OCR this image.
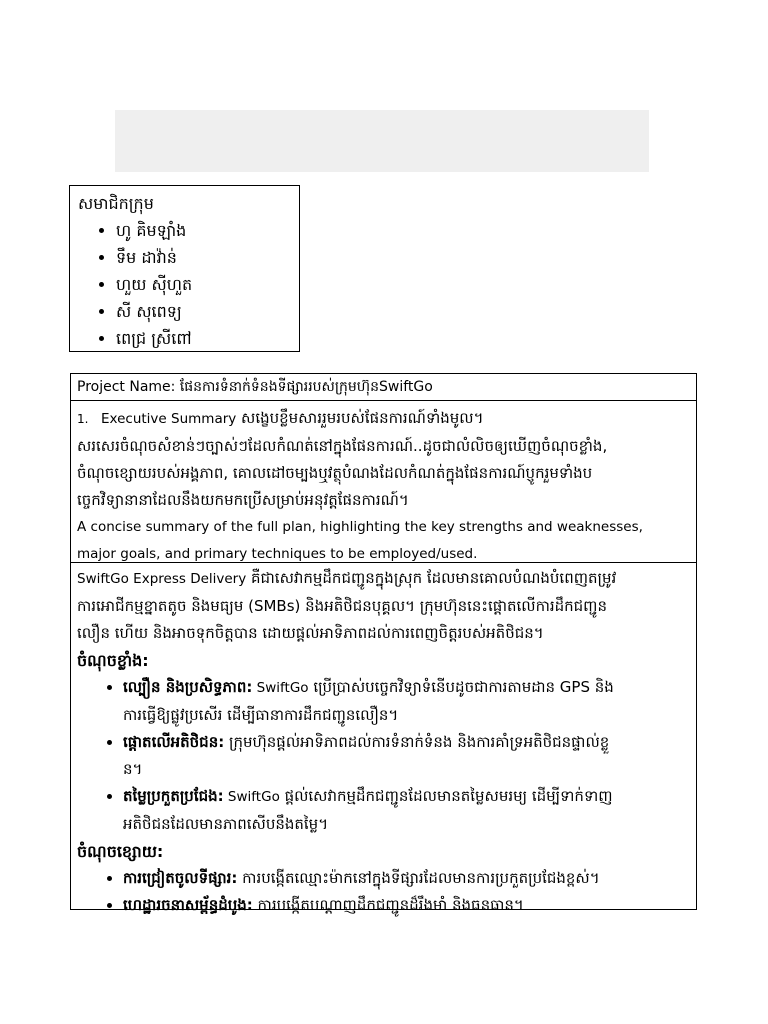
សមាជិកក្រុម
• ហូ គិមឡាំង
• ទឹម ដាវ៉ាន់
• ហួយ ស៊ីហួត
• សី សុពេទ្យ
• ពេជ្រ ស្រីពៅ
Project Name: ផែនការទំនាក់ទំនងទីផ្សាររបស់ក្រុមហ៊ុនSwiftGo
1. Executive Summary សង្ខេបខ្លឹមសាររួមរបស់ផែនការណ៍ទាំងមូល។
សរសេរចំណុចសំខាន់ៗច្បាស់ៗដែលកំណត់នៅក្នុងផែនការណ៍..ដូចជាលំលិចឲ្យឃើញចំណុចខ្លាំង,
ចំណុចខ្សោយរបស់អង្គភាព, គោលដៅចម្បងឬវត្ថុបំណងដែលកំណត់ក្នុងផែនការណ៍ប្ញូករួមទាំងប
ច្ចេកវិទ្យានានាដែលនឹងយកមកប្រើសម្រាប់អនុវត្តផែនការណ៍។
A concise summary of the full plan, highlighting the key strengths and weaknesses,
major goals, and primary techniques to be employed/used.
SwiftGo Express Delivery គឺជាសេវាកម្មដឹកជញ្ជូនក្នុងស្រុក ដែលមានគោលបំណងបំពេញតម្រូវ
ការអោជីកម្មខ្នាតតូច និងមធ្យម (SMBs) និងអតិថិជនបុគ្គល។ ក្រុមហ៊ុននេះផ្តោតលើការដឹកជញ្ជូន
លឿន ហើយ និងអាចទុកចិត្តបាន ដោយផ្តល់អាទិភាពដល់ការពេញចិត្តរបស់អតិថិជន។
ចំណុចខ្លាំង:
• ល្បឿន និងប្រសិទ្ធភាព: SwiftGo ប្រើប្រាស់បច្ចេកវិទ្យាទំនើបដូចជាការតាមដាន GPS និង
ការធ្វើឱ្យផ្លូវប្រសើរ ដើម្បីធានាការដឹកជញ្ជូនលឿន។
• ផ្តោតលើអតិថិជន: ក្រុមហ៊ុនផ្តល់អាទិភាពដល់ការទំនាក់ទំនង និងការគាំទ្រអតិថិជនផ្ទាល់ខ្លួ
ន។
• តម្លៃប្រកួតប្រជែង: SwiftGo ផ្តល់សេវាកម្មដឹកជញ្ជូនដែលមានតម្លៃសមរម្យ ដើម្បីទាក់ទាញ
អតិថិជនដែលមានភាពសើបនឹងតម្លៃ។
ចំណុចខ្សោយ:
• ការជ្រៀតចូលទីផ្សារ: ការបង្កើតឈ្មោះម៉ាកនៅក្នុងទីផ្សារដែលមានការប្រកួតប្រជែងខ្ពស់។
• ហេដ្ឋារចនាសម្ព័ន្ធដំបូង: ការបង្កើតបណ្តាញដឹកជញ្ជូនដ៏រឹងមាំ និងធនធាន។
